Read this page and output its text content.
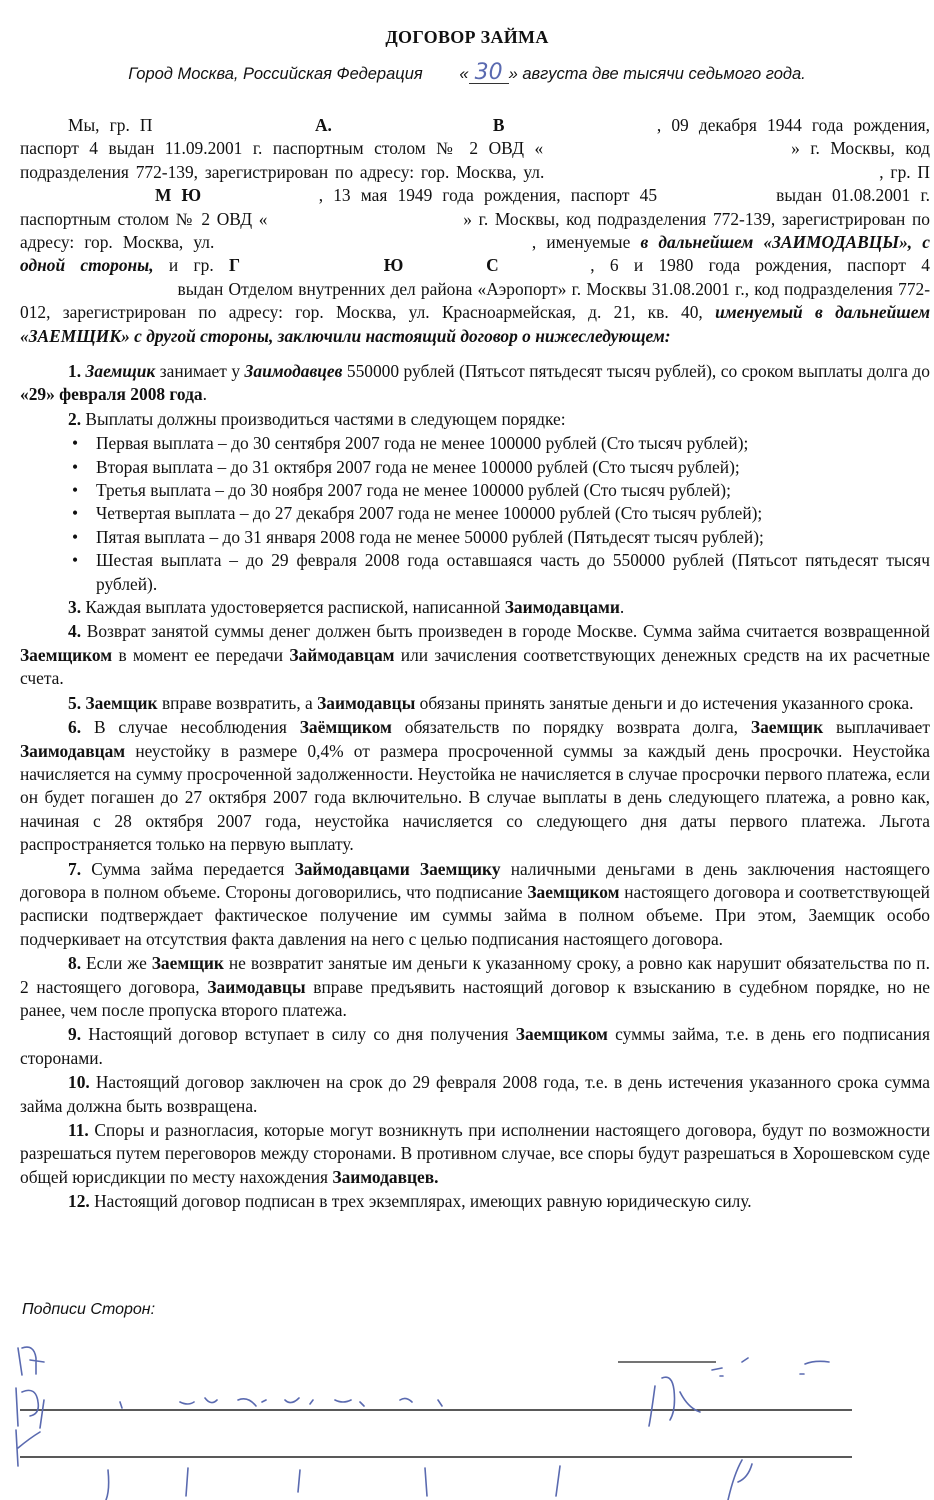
ДОГОВОР ЗАЙМА
Город Москва, Российская Федерация « 30 » августа две тысячи седьмого года.
Мы, гр. П	А.	В	, 09 декабря 1944 года рождения, паспорт 4 выдан 11.09.2001 г. паспортным столом № 2 ОВД «	» г. Москвы, код подразделения 772-139, зарегистрирован по адресу: гор. Москва, ул.	, гр. ПМ Ю	, 13 мая 1949 года рождения, паспорт 45	выдан 01.08.2001 г. паспортным столом № 2 ОВД «	» г. Москвы, код подразделения 772-139, зарегистрирован по адресу: гор. Москва, ул.	, именуемые в дальнейшем «ЗАИМОДАВЦЫ», с одной стороны, и гр. Г	Ю	С	, 6 и 1980 года рождения, паспорт 4 выдан Отделом внутренних дел района «Аэропорт» г. Москвы 31.08.2001 г., код подразделения 772-012, зарегистрирован по адресу: гор. Москва, ул. Красноармейская, д. 21, кв. 40, именуемый в дальнейшем «ЗАЕМЩИК» с другой стороны, заключили настоящий договор о нижеследующем:

1. Заемщик занимает у Заимодавцев 550000 рублей (Пятьсот пятьдесят тысяч рублей), со сроком выплаты долга до «29» февраля 2008 года.

2. Выплаты должны производиться частями в следующем порядке:

• Первая выплата – до 30 сентября 2007 года не менее 100000 рублей (Сто тысяч рублей);
• Вторая выплата – до 31 октября 2007 года не менее 100000 рублей (Сто тысяч рублей);
• Третья выплата – до 30 ноября 2007 года не менее 100000 рублей (Сто тысяч рублей);
• Четвертая выплата – до 27 декабря 2007 года не менее 100000 рублей (Сто тысяч рублей);
• Пятая выплата – до 31 января 2008 года не менее 50000 рублей (Пятьдесят тысяч рублей);
• Шестая выплата – до 29 февраля 2008 года оставшаяся часть до 550000 рублей (Пятьсот пятьдесят тысяч рублей).

3. Каждая выплата удостоверяется распиской, написанной Заимодавцами.

4. Возврат занятой суммы денег должен быть произведен в городе Москве. Сумма займа считается возвращенной Заемщиком в момент ее передачи Займодавцам или зачисления соответствующих денежных средств на их расчетные счета.

5. Заемщик вправе возвратить, а Заимодавцы обязаны принять занятые деньги и до истечения указанного срока.

6. В случае несоблюдения Заёмщиком обязательств по порядку возврата долга, Заемщик выплачивает Заимодавцам неустойку в размере 0,4% от размера просроченной суммы за каждый день просрочки. Неустойка начисляется на сумму просроченной задолженности. Неустойка не начисляется в случае просрочки первого платежа, если он будет погашен до 27 октября 2007 года включительно. В случае выплаты в день следующего платежа, а ровно как, начиная с 28 октября 2007 года, неустойка начисляется со следующего дня даты первого платежа. Льгота распространяется только на первую выплату.

7. Сумма займа передается Займодавцами Заемщику наличными деньгами в день заключения настоящего договора в полном объеме. Стороны договорились, что подписание Заемщиком настоящего договора и соответствующей расписки подтверждает фактическое получение им суммы займа в полном объеме. При этом, Заемщик особо подчеркивает на отсутствия факта давления на него с целью подписания настоящего договора.

8. Если же Заемщик не возвратит занятые им деньги к указанному сроку, а ровно как нарушит обязательства по п. 2 настоящего договора, Заимодавцы вправе предъявить настоящий договор к взысканию в судебном порядке, но не ранее, чем после пропуска второго платежа.

9. Настоящий договор вступает в силу со дня получения Заемщиком суммы займа, т.е. в день его подписания сторонами.

10. Настоящий договор заключен на срок до 29 февраля 2008 года, т.е. в день истечения указанного срока сумма займа должна быть возвращена.

11. Споры и разногласия, которые могут возникнуть при исполнении настоящего договора, будут по возможности разрешаться путем переговоров между сторонами. В противном случае, все споры будут разрешаться в Хорошевском суде общей юрисдикции по месту нахождения Заимодавцев.

12. Настоящий договор подписан в трех экземплярах, имеющих равную юридическую силу.

Подписи Сторон:
